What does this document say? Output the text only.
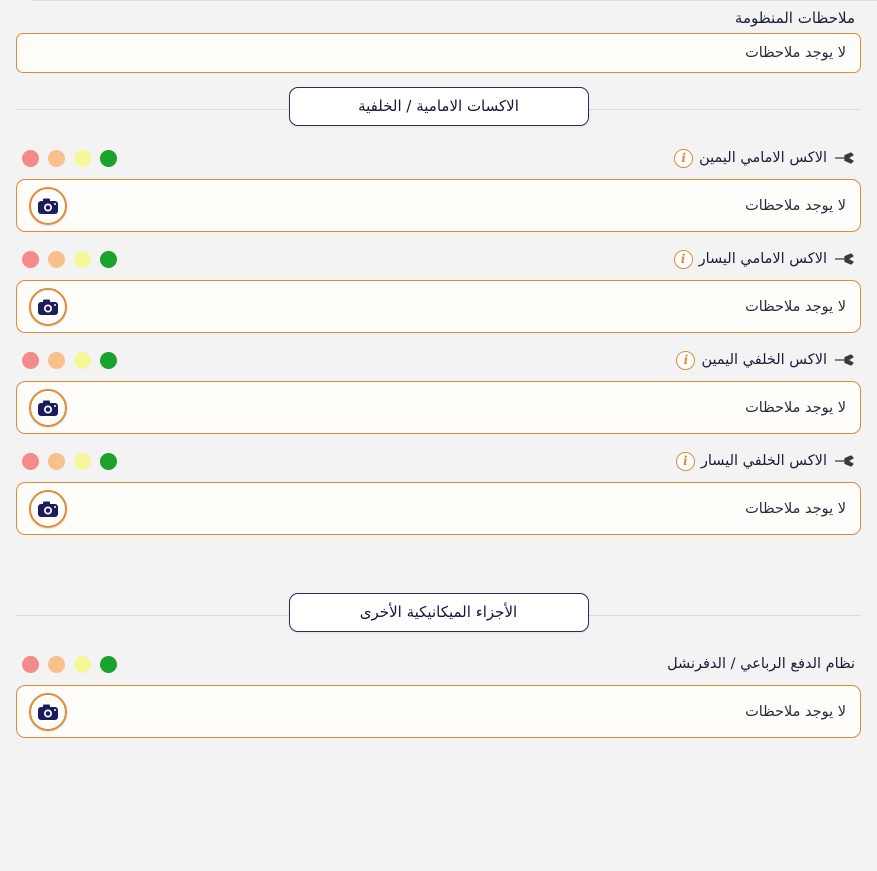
ملاحظات المنظومة
لا يوجد ملاحظات
الاكسات الامامية / الخلفية
الاكس الامامي اليمين
i
لا يوجد ملاحظات
الاكس الامامي اليسار
i
لا يوجد ملاحظات
الاكس الخلفي اليمين
i
لا يوجد ملاحظات
الاكس الخلفي اليسار
i
لا يوجد ملاحظات
الأجزاء الميكانيكية الأخرى
نظام الدفع الرباعي / الدفرنشل
لا يوجد ملاحظات
